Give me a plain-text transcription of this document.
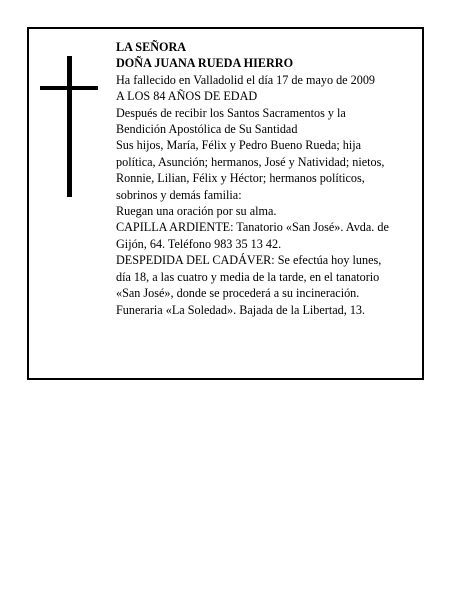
LA SEÑORA
DOÑA JUANA RUEDA HIERRO
Ha fallecido en Valladolid el día 17 de mayo de 2009
A LOS 84 AÑOS DE EDAD
Después de recibir los Santos Sacramentos y la
Bendición Apostólica de Su Santidad
Sus hijos, María, Félix y Pedro Bueno Rueda; hija
política, Asunción; hermanos, José y Natividad; nietos,
Ronnie, Lilian, Félix y Héctor; hermanos políticos,
sobrinos y demás familia:
Ruegan una oración por su alma.
CAPILLA ARDIENTE: Tanatorio «San José». Avda. de
Gijón, 64. Teléfono 983 35 13 42.
DESPEDIDA DEL CADÁVER: Se efectúa hoy lunes,
día 18, a las cuatro y media de la tarde, en el tanatorio
«San José», donde se procederá a su incineración.
Funeraria «La Soledad». Bajada de la Libertad, 13.
